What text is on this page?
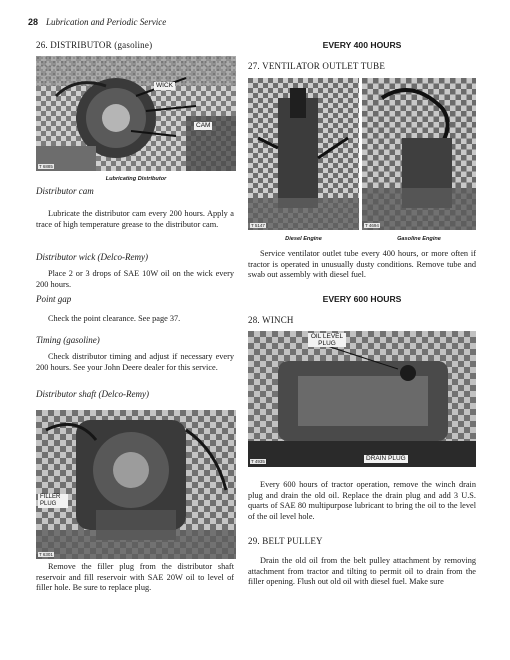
28 Lubrication and Periodic Service
26. DISTRIBUTOR (gasoline)
WICK
CAM
T 6885
Lubricating Distributor
Distributor cam

Lubricate the distributor cam every 200 hours. Apply a trace of high temperature grease to the distributor cam.

Distributor wick (Delco-Remy)

Place 2 or 3 drops of SAE 10W oil on the wick every 200 hours.

Point gap

Check the point clearance. See page 37.

Timing (gasoline)

Check distributor timing and adjust if necessary every 200 hours. See your John Deere dealer for this service.

Distributor shaft (Delco-Remy)
FILLER PLUG
T 6301

Remove the filler plug from the distributor shaft reservoir and fill reservoir with SAE 20W oil to level of filler hole. Be sure to replace plug.

EVERY 400 HOURS
27. VENTILATOR OUTLET TUBE
T 5147	T 4694
Diesel Engine	Gasoline Engine

Service ventilator outlet tube every 400 hours, or more often if tractor is operated in unusually dusty conditions. Remove tube and swab out assembly with diesel fuel.

EVERY 600 HOURS
28. WINCH
OIL LEVEL PLUG
DRAIN PLUG
T 4935

Every 600 hours of tractor operation, remove the winch drain plug and drain the old oil. Replace the drain plug and add 3 U.S. quarts of SAE 80 multipurpose lubricant to bring the oil to the level of the oil level hole.

29. BELT PULLEY

Drain the old oil from the belt pulley attachment by removing attachment from tractor and tilting to permit oil to drain from the filler opening. Flush out old oil with diesel fuel. Make sure
